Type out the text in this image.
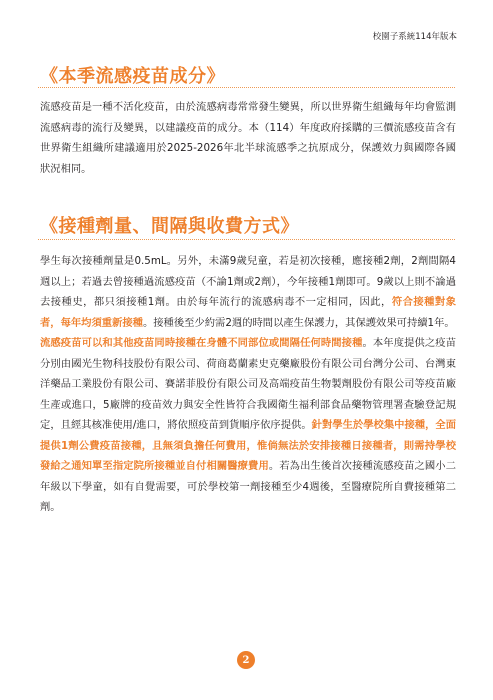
校園子系統114年版本
《本季流感疫苗成分》

流感疫苗是一種不活化疫苗，由於流感病毒常常發生變異，所以世界衛生組織每年均會監測流感病毒的流行及變異，以建議疫苗的成分。本（114）年度政府採購的三價流感疫苗含有世界衛生組織所建議適用於2025-2026年北半球流感季之抗原成分，保護效力與國際各國狀況相同。

《接種劑量、間隔與收費方式》

學生每次接種劑量是0.5mL。另外，未滿9歲兒童，若是初次接種，應接種2劑，2劑間隔4週以上；若過去曾接種過流感疫苗（不論1劑或2劑），今年接種1劑即可。9歲以上則不論過去接種史，都只須接種1劑。由於每年流行的流感病毒不一定相同，因此，符合接種對象者，每年均須重新接種。接種後至少約需2週的時間以產生保護力，其保護效果可持續1年。

流感疫苗可以和其他疫苗同時接種在身體不同部位或間隔任何時間接種。本年度提供之疫苗分別由國光生物科技股份有限公司、荷商葛蘭素史克藥廠股份有限公司台灣分公司、台灣東洋藥品工業股份有限公司、賽諾菲股份有限公司及高端疫苗生物製劑股份有限公司等疫苗廠生產或進口，5廠牌的疫苗效力與安全性皆符合我國衛生福利部食品藥物管理署查驗登記規定，且經其核准使用/進口，將依照疫苗到貨順序依序提供。針對學生於學校集中接種，全面提供1劑公費疫苗接種，且無須負擔任何費用，惟倘無法於安排接種日接種者，則需持學校發給之通知單至指定院所接種並自付相關醫療費用。若為出生後首次接種流感疫苗之國小二年級以下學童，如有自覺需要，可於學校第一劑接種至少4週後，至醫療院所自費接種第二劑。

2
